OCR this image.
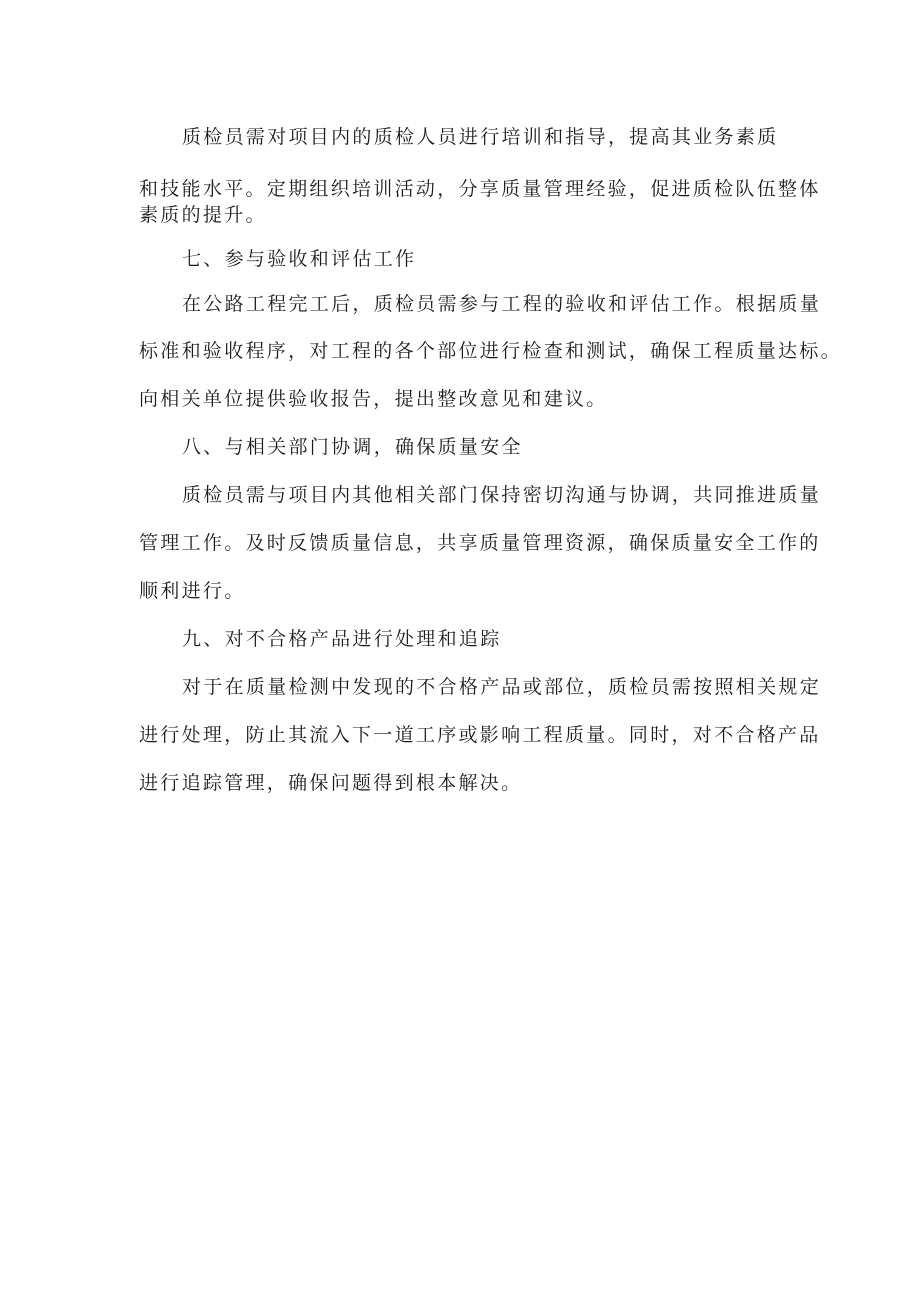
质检员需对项目内的质检人员进行培训和指导，提高其业务素质
和技能水平。定期组织培训活动，分享质量管理经验，促进质检队伍整体
素质的提升。
七、参与验收和评估工作
在公路工程完工后，质检员需参与工程的验收和评估工作。根据质量
标准和验收程序，对工程的各个部位进行检查和测试，确保工程质量达标。
向相关单位提供验收报告，提出整改意见和建议。
八、与相关部门协调，确保质量安全
质检员需与项目内其他相关部门保持密切沟通与协调，共同推进质量
管理工作。及时反馈质量信息，共享质量管理资源，确保质量安全工作的
顺利进行。
九、对不合格产品进行处理和追踪
对于在质量检测中发现的不合格产品或部位，质检员需按照相关规定
进行处理，防止其流入下一道工序或影响工程质量。同时，对不合格产品
进行追踪管理，确保问题得到根本解决。
